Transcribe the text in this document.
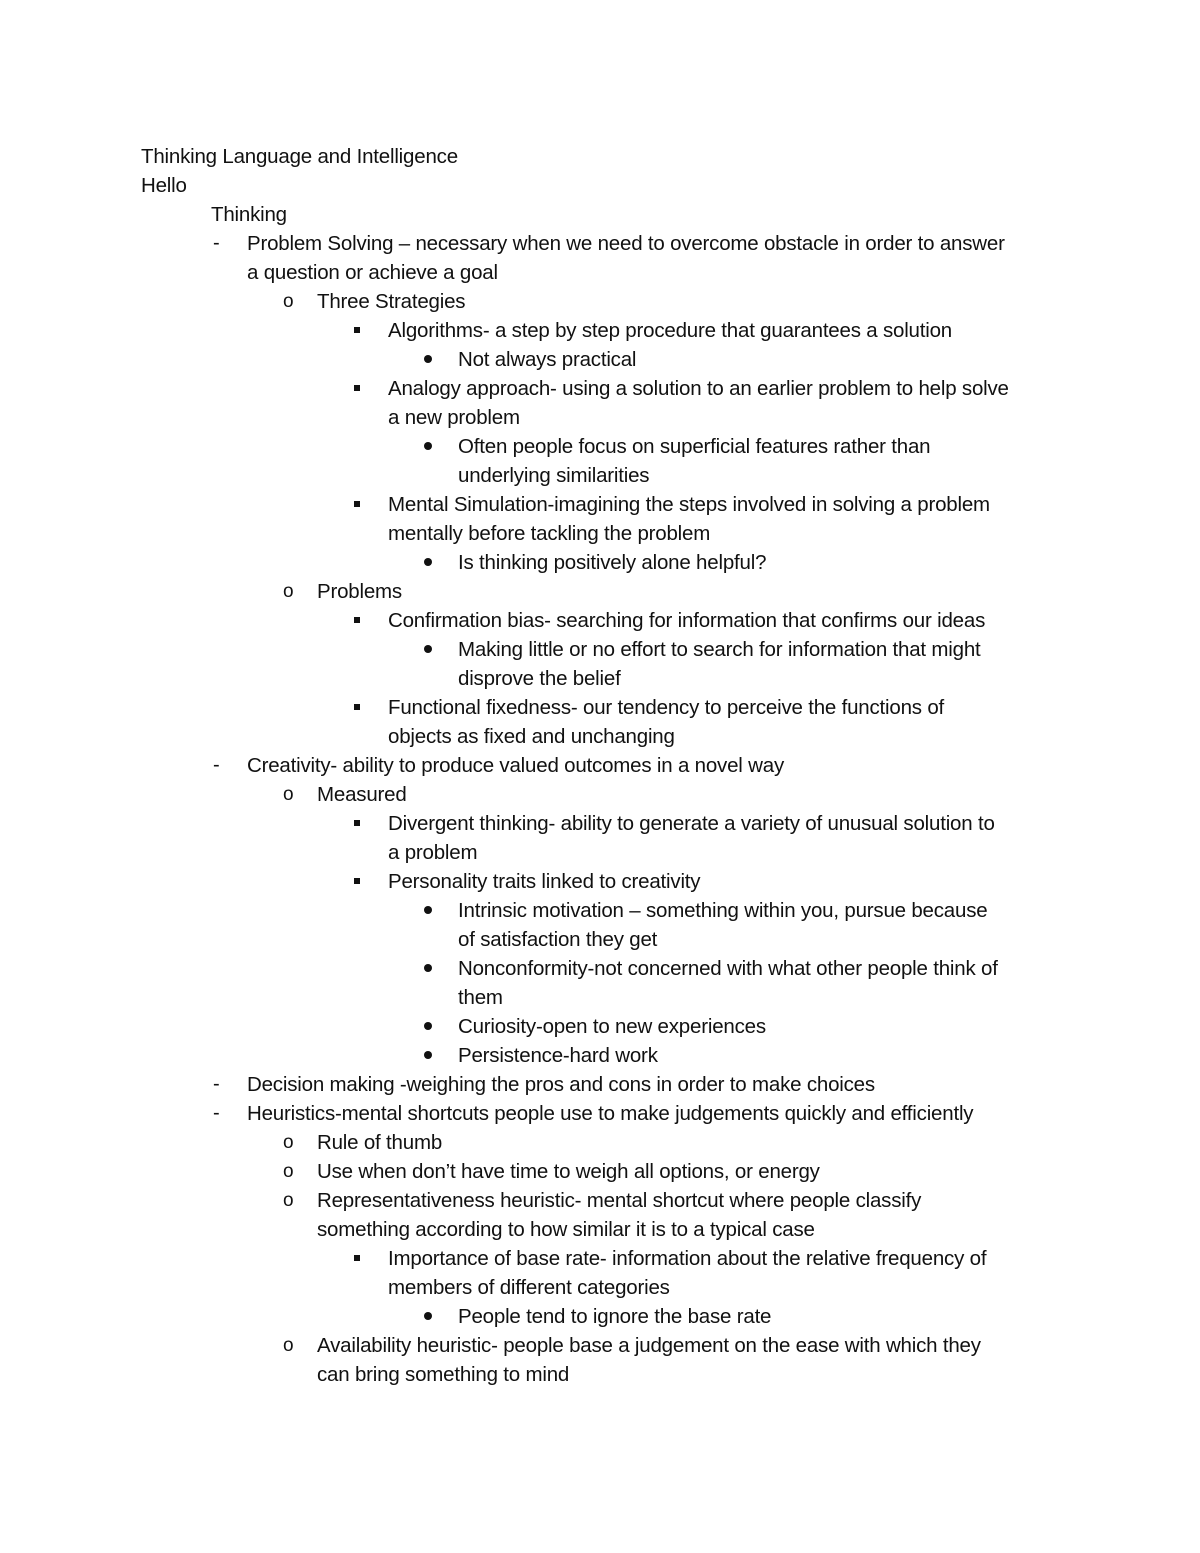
Thinking Language and Intelligence
Hello
Thinking
- Problem Solving – necessary when we need to overcome obstacle in order to answer
a question or achieve a goal
o Three Strategies
Algorithms- a step by step procedure that guarantees a solution
Not always practical
Analogy approach- using a solution to an earlier problem to help solve
a new problem
Often people focus on superficial features rather than
underlying similarities
Mental Simulation-imagining the steps involved in solving a problem
mentally before tackling the problem
Is thinking positively alone helpful?
o Problems
Confirmation bias- searching for information that confirms our ideas
Making little or no effort to search for information that might
disprove the belief
Functional fixedness- our tendency to perceive the functions of
objects as fixed and unchanging
- Creativity- ability to produce valued outcomes in a novel way
o Measured
Divergent thinking- ability to generate a variety of unusual solution to
a problem
Personality traits linked to creativity
Intrinsic motivation – something within you, pursue because
of satisfaction they get
Nonconformity-not concerned with what other people think of
them
Curiosity-open to new experiences
Persistence-hard work
- Decision making -weighing the pros and cons in order to make choices
- Heuristics-mental shortcuts people use to make judgements quickly and efficiently
o Rule of thumb
o Use when don’t have time to weigh all options, or energy
o Representativeness heuristic- mental shortcut where people classify
something according to how similar it is to a typical case
Importance of base rate- information about the relative frequency of
members of different categories
People tend to ignore the base rate
o Availability heuristic- people base a judgement on the ease with which they
can bring something to mind
